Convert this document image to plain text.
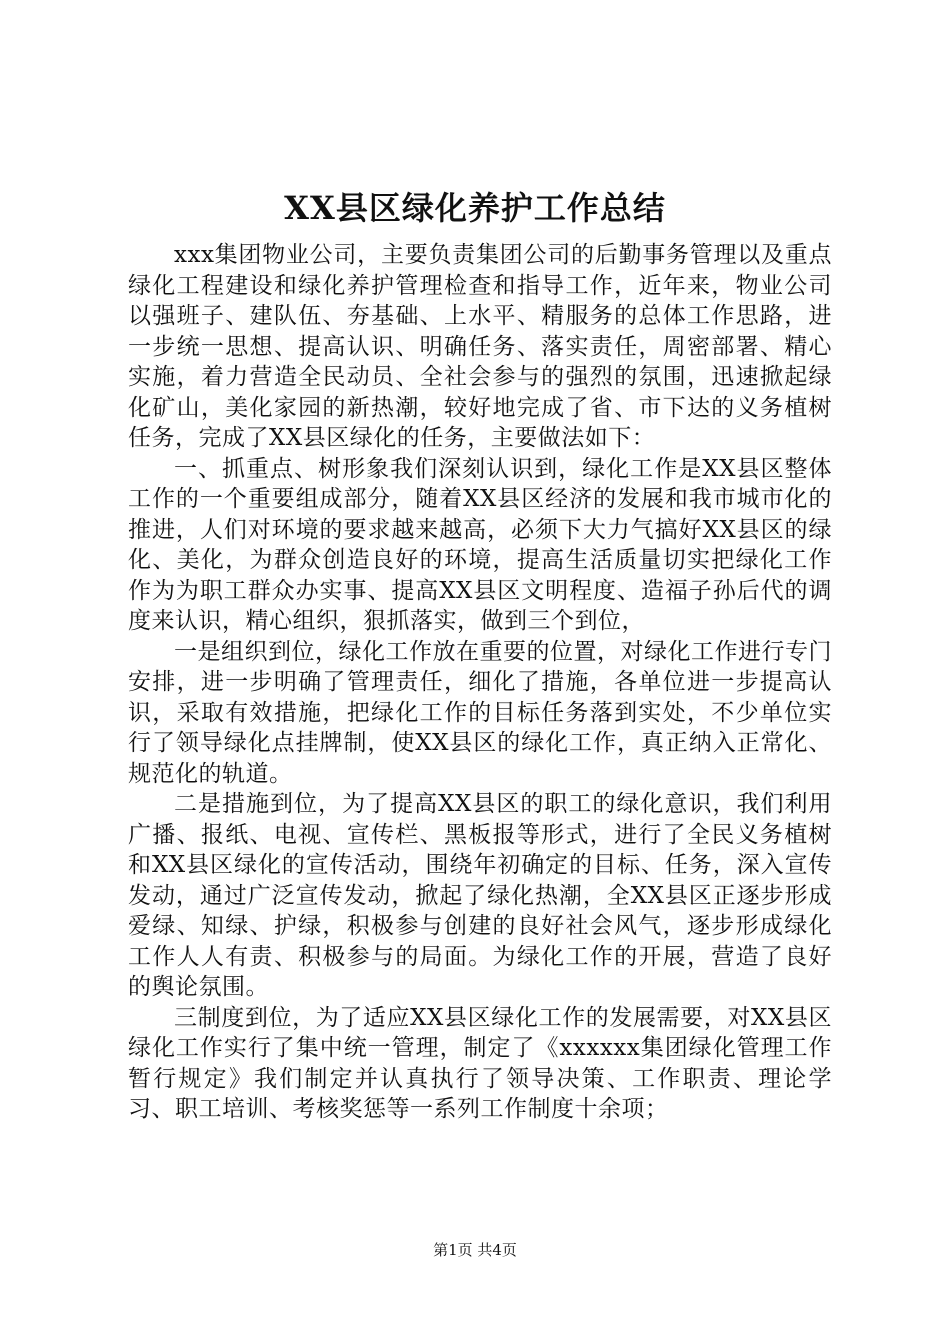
XX县区绿化养护工作总结

xxx集团物业公司，主要负责集团公司的后勤事务管理以及重点绿化工程建设和绿化养护管理检查和指导工作，近年来，物业公司以强班子、建队伍、夯基础、上水平、精服务的总体工作思路，进一步统一思想、提高认识、明确任务、落实责任，周密部署、精心实施，着力营造全民动员、全社会参与的强烈的氛围，迅速掀起绿化矿山，美化家园的新热潮，较好地完成了省、市下达的义务植树任务，完成了XX县区绿化的任务，主要做法如下：

一、抓重点、树形象我们深刻认识到，绿化工作是XX县区整体工作的一个重要组成部分，随着XX县区经济的发展和我市城市化的推进，人们对环境的要求越来越高，必须下大力气搞好XX县区的绿化、美化，为群众创造良好的环境，提高生活质量切实把绿化工作作为为职工群众办实事、提高XX县区文明程度、造福子孙后代的调度来认识，精心组织，狠抓落实，做到三个到位，

一是组织到位，绿化工作放在重要的位置，对绿化工作进行专门安排，进一步明确了管理责任，细化了措施，各单位进一步提高认识，采取有效措施，把绿化工作的目标任务落到实处，不少单位实行了领导绿化点挂牌制，使XX县区的绿化工作，真正纳入正常化、规范化的轨道。

二是措施到位，为了提高XX县区的职工的绿化意识，我们利用广播、报纸、电视、宣传栏、黑板报等形式，进行了全民义务植树和XX县区绿化的宣传活动，围绕年初确定的目标、任务，深入宣传发动，通过广泛宣传发动，掀起了绿化热潮，全XX县区正逐步形成爱绿、知绿、护绿，积极参与创建的良好社会风气，逐步形成绿化工作人人有责、积极参与的局面。为绿化工作的开展，营造了良好的舆论氛围。

三制度到位，为了适应XX县区绿化工作的发展需要，对XX县区绿化工作实行了集中统一管理，制定了《xxxxxx集团绿化管理工作暂行规定》我们制定并认真执行了领导决策、工作职责、理论学习、职工培训、考核奖惩等一系列工作制度十余项；

第1页 共4页
